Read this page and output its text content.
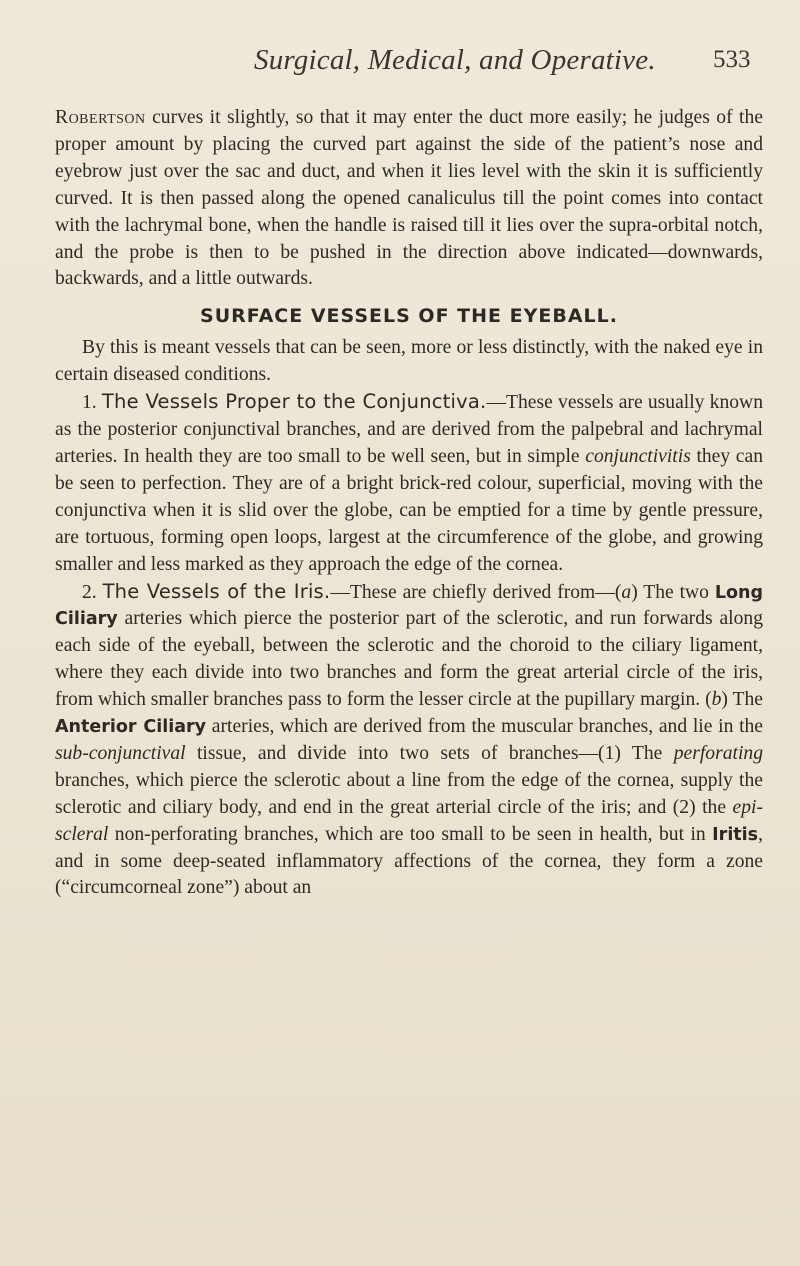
Surgical, Medical, and Operative. 533

Robertson curves it slightly, so that it may enter the duct more easily; he judges of the proper amount by placing the curved part against the side of the patient’s nose and eyebrow just over the sac and duct, and when it lies level with the skin it is sufficiently curved. It is then passed along the opened canaliculus till the point comes into contact with the lachrymal bone, when the handle is raised till it lies over the supra-orbital notch, and the probe is then to be pushed in the direction above indicated—downwards, backwards, and a little outwards.

SURFACE VESSELS OF THE EYEBALL.

By this is meant vessels that can be seen, more or less distinctly, with the naked eye in certain diseased conditions.

1. The Vessels Proper to the Conjunctiva.—These vessels are usually known as the posterior conjunctival branches, and are derived from the palpebral and lachrymal arteries. In health they are too small to be well seen, but in simple conjunctivitis they can be seen to perfection. They are of a bright brick-red colour, superficial, moving with the conjunctiva when it is slid over the globe, can be emptied for a time by gentle pressure, are tortuous, forming open loops, largest at the circumference of the globe, and growing smaller and less marked as they approach the edge of the cornea.

2. The Vessels of the Iris.—These are chiefly derived from—(a) The two Long Ciliary arteries which pierce the posterior part of the sclerotic, and run forwards along each side of the eyeball, between the sclerotic and the choroid to the ciliary ligament, where they each divide into two branches and form the great arterial circle of the iris, from which smaller branches pass to form the lesser circle at the pupillary margin. (b) The Anterior Ciliary arteries, which are derived from the muscular branches, and lie in the sub-conjunctival tissue, and divide into two sets of branches—(1) The perforating branches, which pierce the sclerotic about a line from the edge of the cornea, supply the sclerotic and ciliary body, and end in the great arterial circle of the iris; and (2) the epi-scleral non-perforating branches, which are too small to be seen in health, but in Iritis, and in some deep-seated inflammatory affections of the cornea, they form a zone (“circumcorneal zone”) about an
